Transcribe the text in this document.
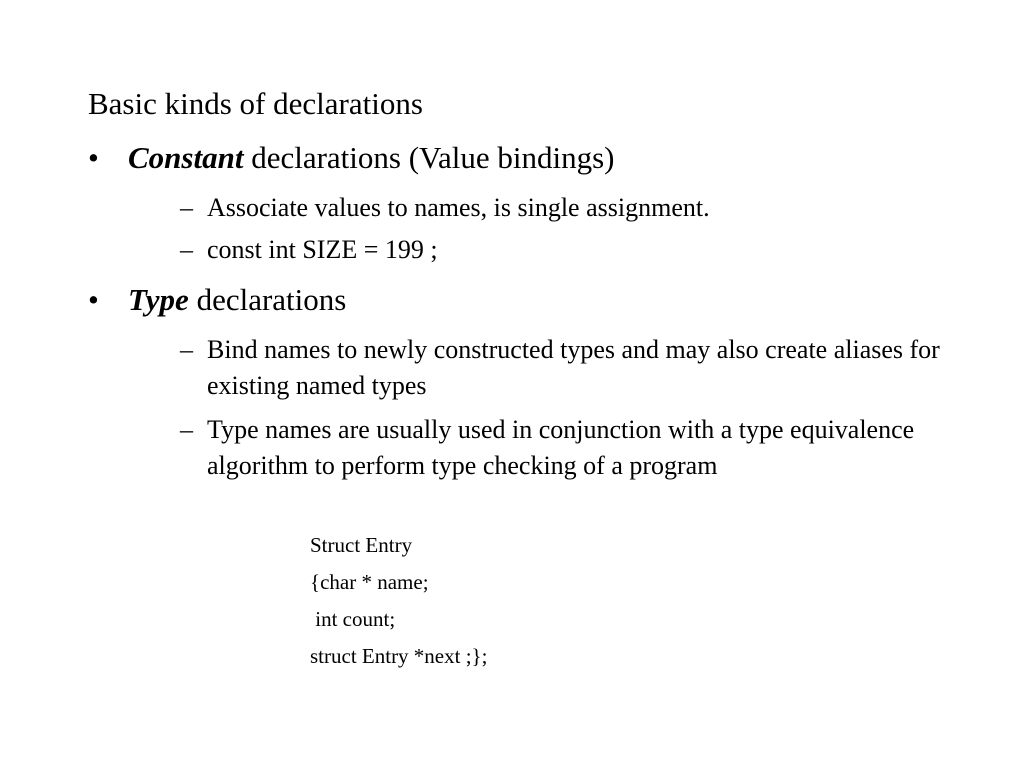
Basic kinds of declarations
• Constant declarations (Value bindings)
– Associate values to names, is single assignment.
– const int SIZE = 199 ;
• Type declarations
– Bind names to newly constructed types and may also create aliases for existing named types
– Type names are usually used in conjunction with a type equivalence algorithm to perform type checking of a program
Struct Entry
{char * name;
int count;
struct Entry *next ;};
